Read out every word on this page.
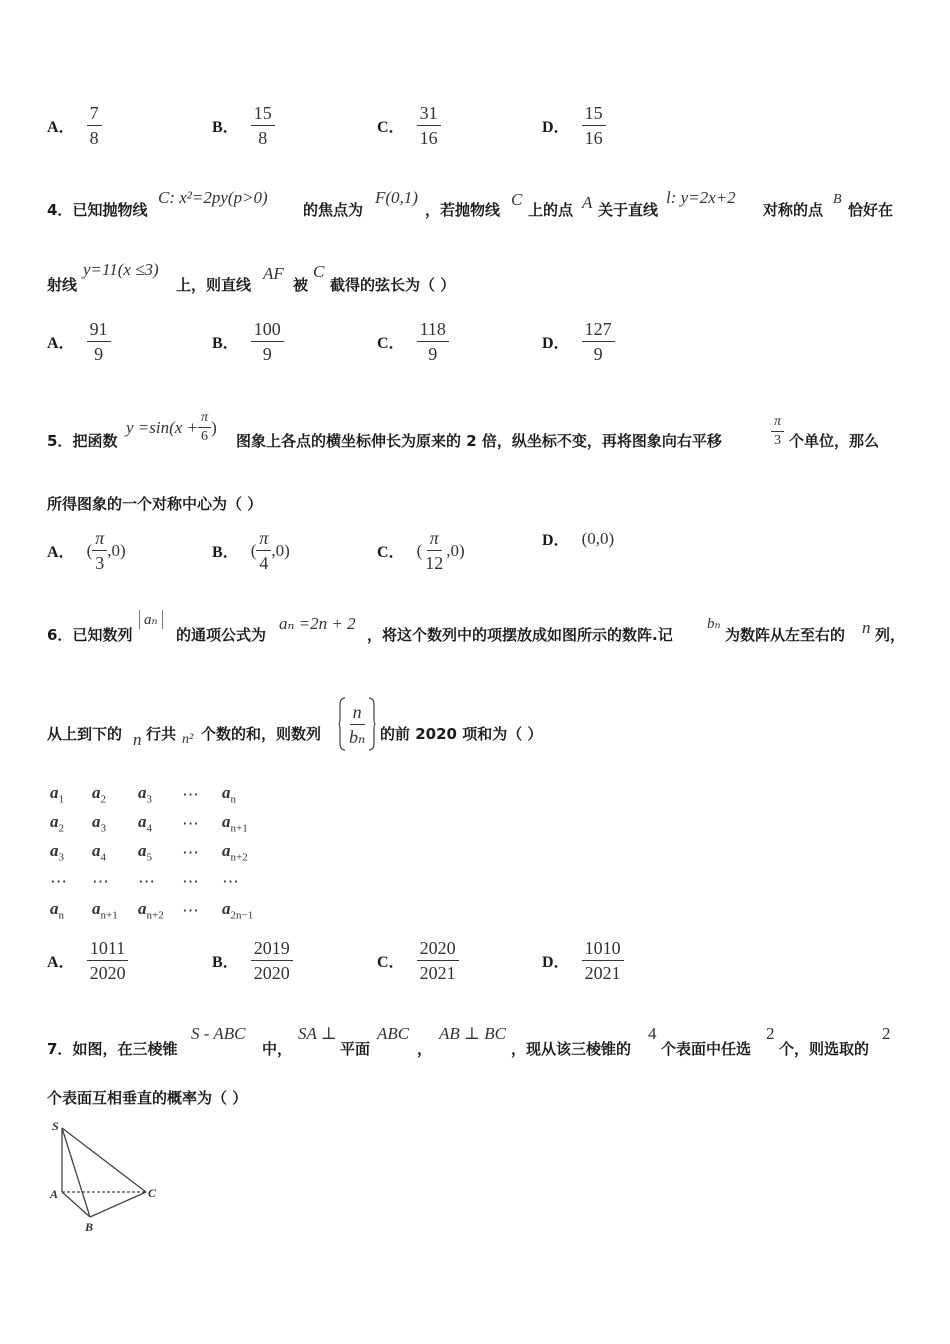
A． $\frac{7}{8}$	B． $\frac{15}{8}$	C． $\frac{31}{16}$	D． $\frac{15}{16}$
4．已知抛物线
C: x²=2py(p>0)
的焦点为
F(0,1)
，若抛物线
C
上的点 A 关于直线
l: y=2x+2
对称的点
B
恰好在
射线
y=11(x ≤3)
上，则直线
AF
被
C
截得的弦长为（ ）
A． $\frac{91}{9}$	B． $\frac{100}{9}$	C． $\frac{118}{9}$	D． $\frac{127}{9}$
5．把函数
$y =\sin(x + \frac{\pi}{6}$ )
图象上各点的横坐标伸长为原来的 2 倍，纵坐标不变，再将图象向右平移	$\frac{\pi}{3}$ 个单位，那么
所得图象的一个对称中心为（ ）
A． ( $\frac{\pi}{3} ,0$)	B． ( $\frac{\pi}{4} ,0$)	C． ( $\frac{\pi}{12} ,0$)	D． (0,0)
6．已知数列
aₙ
的通项公式为
aₙ =2n + 2
，将这个数列中的项摆放成如图所示的数阵.记
bₙ
为数阵从左至右的 n 列，
从上到下的 n 行共 n² 个数的和，则数列 $\frac{n}{\text{bₙ}}$ 的前 2020 项和为（ ）
$a_1$	$a_2$	$a_3$	⋯	$a_n$
$a_2$	$a_3$	$a_4$	⋯	$a_{n+1}$
$a_3$	$a_4$	$a_5$	⋯	$a_{n+2}$
⋯	⋯	⋯	⋯	⋯
$a_n$	$a_{n+1}$	$a_{n+2}$	⋯	$a_{2n-1}$
A． $\frac{1011}{2020}$	B． $\frac{2019}{2020}$	C． $\frac{2020}{2021}$	D． $\frac{1010}{2021}$
7．如图，在三棱锥
S - ABC
中，
SA ⊥
平面
ABC
，
AB ⊥ BC
，现从该三棱锥的
4
个表面中任选
2
个，则选取的
2
个表面互相垂直的概率为（ ）
S
A
B
C
